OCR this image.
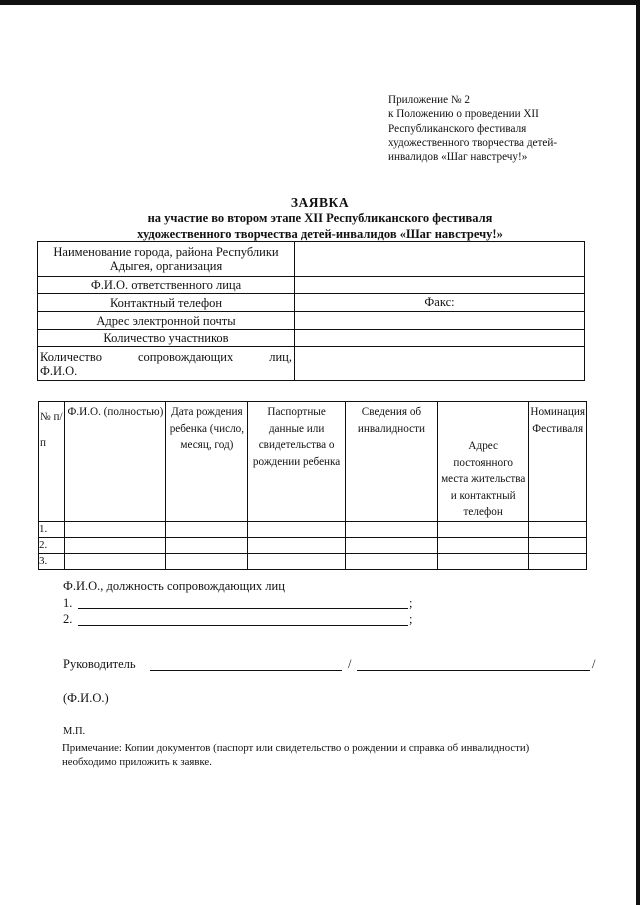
Приложение № 2
к Положению о проведении XII
Республиканского фестиваля
художественного творчества детей-
инвалидов «Шаг навстречу!»
ЗАЯВКА
на участие во втором этапе XII Республиканского фестиваля
художественного творчества детей-инвалидов «Шаг навстречу!»
Наименование города, района Республики Адыгея, организация	
Ф.И.О. ответственного лица	
Контактный телефон	Факс:
Адрес электронной почты	
Количество участников	

Количество сопровождающих лиц,
Ф.И.О.	

№ п/п	Ф.И.О. (полностью)	Дата рождения ребенка (число, месяц, год)	Паспортные данные или свидетельства о рождении ребенка	Сведения об инвалидности	Адрес постоянного места жительства и контактный телефон	Номинация Фестиваля
1.						
2.						
3.						
Ф.И.О., должность сопровождающих лиц
1.	;
2.	;
Руководитель	/	/
(Ф.И.О.)
М.П.
Примечание: Копии документов (паспорт или свидетельство о рождении и справка об инвалидности) необходимо приложить к заявке.
